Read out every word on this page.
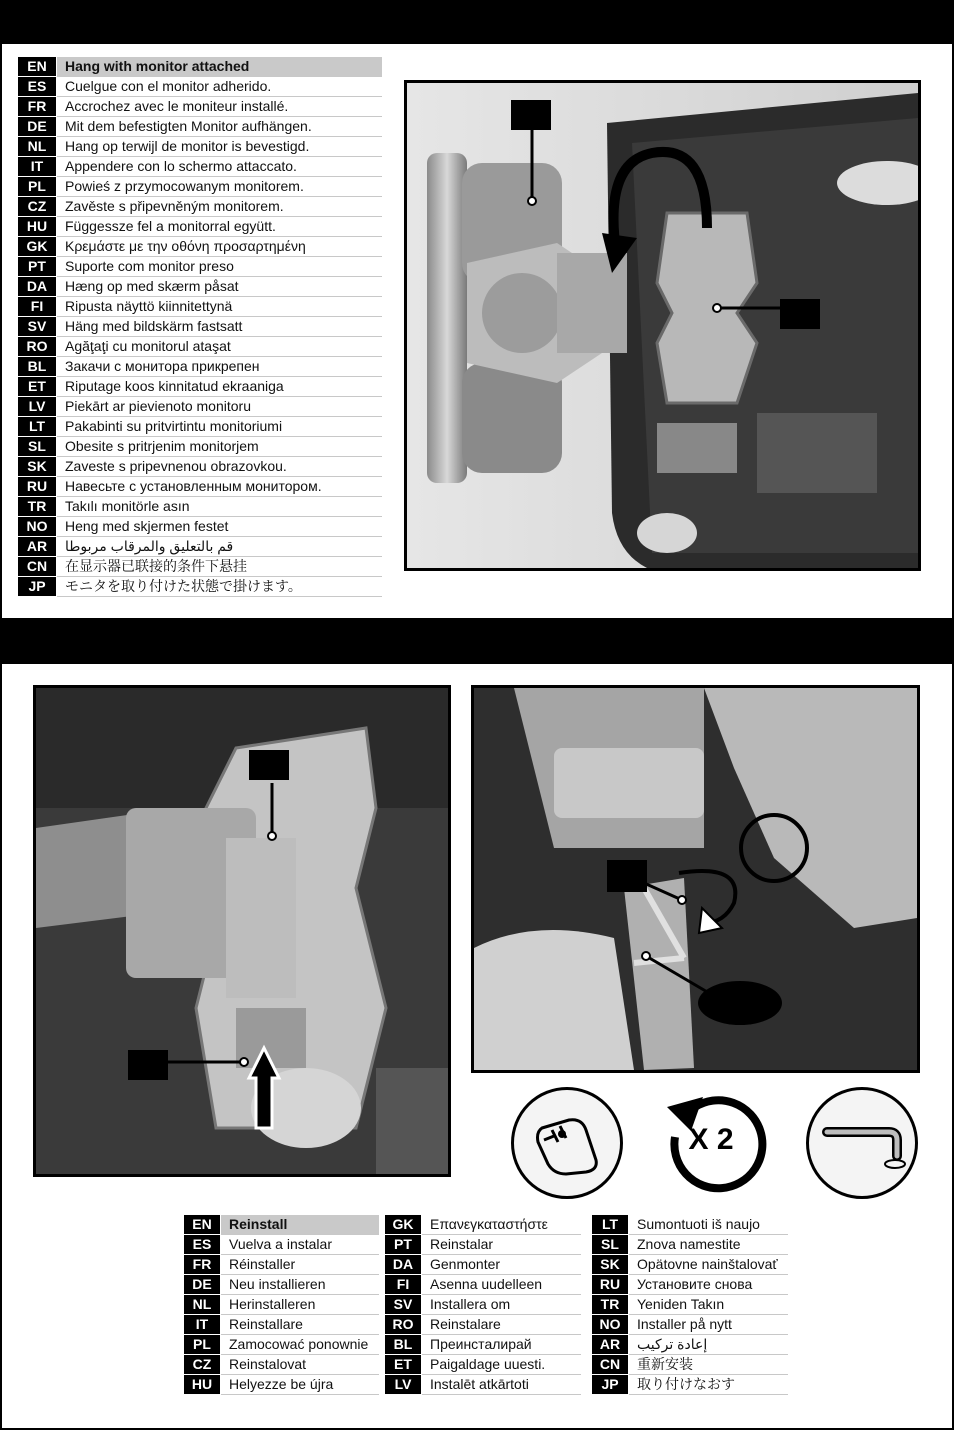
EN	Hang with monitor attached
ES	Cuelgue con el monitor adherido.
FR	Accrochez avec le moniteur installé.
DE	Mit dem befestigten Monitor aufhängen.
NL	Hang op terwijl de monitor is bevestigd.
IT	Appendere con lo schermo attaccato.
PL	Powieś z przymocowanym monitorem.
CZ	Zavěste s připevněným monitorem.
HU	Függessze fel a monitorral együtt.
GK	Κρεμάστε με την οθόνη προσαρτημένη
PT	Suporte com monitor preso
DA	Hæng op med skærm påsat
FI	Ripusta näyttö kiinnitettynä
SV	Häng med bildskärm fastsatt
RO	Agăţaţi cu monitorul ataşat
BL	Закачи с монитора прикрепен
ET	Riputage koos kinnitatud ekraaniga
LV	Piekārt ar pievienoto monitoru
LT	Pakabinti su pritvirtintu monitoriumi
SL	Obesite s pritrjenim monitorjem
SK	Zaveste s pripevnenou obrazovkou.
RU	Навесьте с установленным монитором.
TR	Takılı monitörle asın
NO	Heng med skjermen festet
AR	قم بالتعليق والمرقاب مربوطا
CN	在显示器已联接的条件下悬挂
JP	モニタを取り付けた状態で掛けます。
X 2
EN	Reinstall
ES	Vuelva a instalar
FR	Réinstaller
DE	Neu installieren
NL	Herinstalleren
IT	Reinstallare
PL	Zamocować ponownie
CZ	Reinstalovat
HU	Helyezze be újra
GK	Επανεγκαταστήστε
PT	Reinstalar
DA	Genmonter
FI	Asenna uudelleen
SV	Installera om
RO	Reinstalare
BL	Преинсталирай
ET	Paigaldage uuesti.
LV	Instalēt atkārtoti
LT	Sumontuoti iš naujo
SL	Znova namestite
SK	Opätovne nainštalovať
RU	Установите снова
TR	Yeniden Takın
NO	Installer på nytt
AR	إعادة تركيب
CN	重新安装
JP	取り付けなおす
